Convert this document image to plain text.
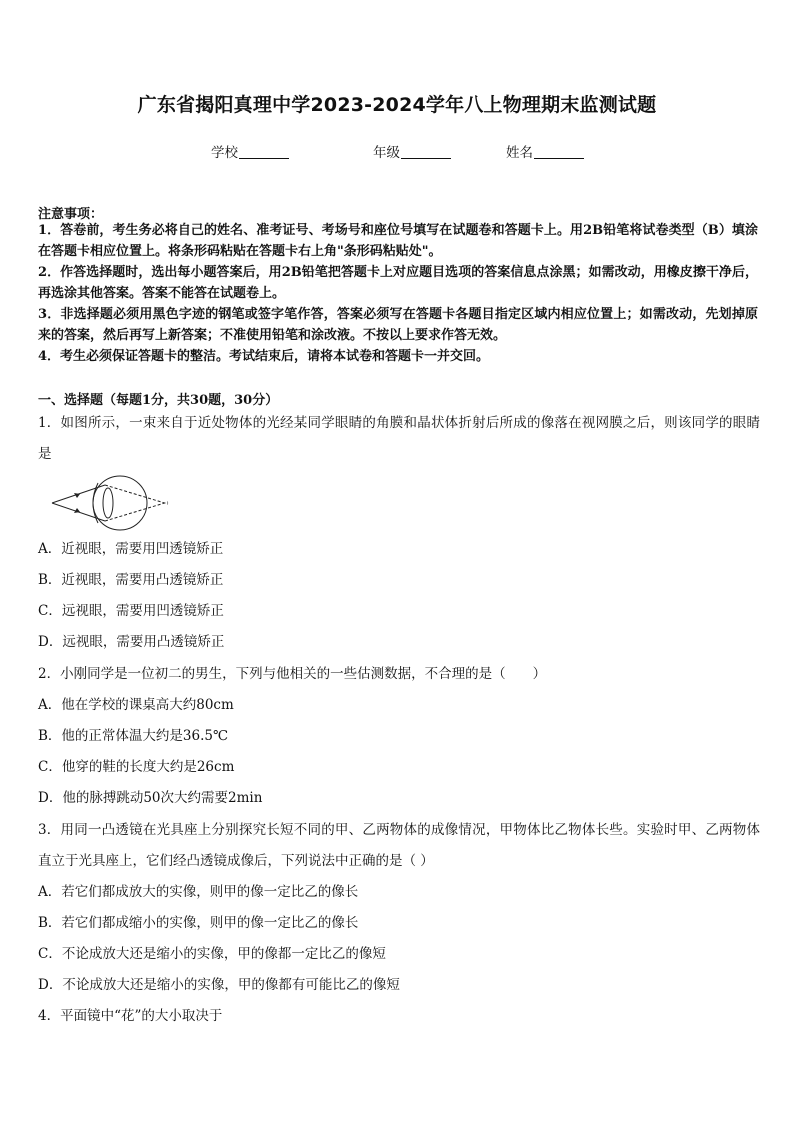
广东省揭阳真理中学2023-2024学年八上物理期末监测试题
学校	年级	姓名
注意事项：
1．答卷前，考生务必将自己的姓名、准考证号、考场号和座位号填写在试题卷和答题卡上。用2B铅笔将试卷类型（B）填涂在答题卡相应位置上。将条形码粘贴在答题卡右上角"条形码粘贴处"。
2．作答选择题时，选出每小题答案后，用2B铅笔把答题卡上对应题目选项的答案信息点涂黑；如需改动，用橡皮擦干净后，再选涂其他答案。答案不能答在试题卷上。
3．非选择题必须用黑色字迹的钢笔或签字笔作答，答案必须写在答题卡各题目指定区域内相应位置上；如需改动，先划掉原来的答案，然后再写上新答案；不准使用铅笔和涂改液。不按以上要求作答无效。
4．考生必须保证答题卡的整洁。考试结束后，请将本试卷和答题卡一并交回。
一、选择题（每题1分，共30题，30分）
1．如图所示，一束来自于近处物体的光经某同学眼睛的角膜和晶状体折射后所成的像落在视网膜之后，则该同学的眼睛是
A．近视眼，需要用凹透镜矫正
B．近视眼，需要用凸透镜矫正
C．远视眼，需要用凹透镜矫正
D．远视眼，需要用凸透镜矫正
2．小刚同学是一位初二的男生，下列与他相关的一些估测数据，不合理的是（　　）
A．他在学校的课桌高大约80cm
B．他的正常体温大约是36.5℃
C．他穿的鞋的长度大约是26cm
D．他的脉搏跳动50次大约需要2min
3．用同一凸透镜在光具座上分别探究长短不同的甲、乙两物体的成像情况，甲物体比乙物体长些。实验时甲、乙两物体直立于光具座上，它们经凸透镜成像后，下列说法中正确的是（ ）
A．若它们都成放大的实像，则甲的像一定比乙的像长
B．若它们都成缩小的实像，则甲的像一定比乙的像长
C．不论成放大还是缩小的实像，甲的像都一定比乙的像短
D．不论成放大还是缩小的实像，甲的像都有可能比乙的像短
4．平面镜中“花”的大小取决于
